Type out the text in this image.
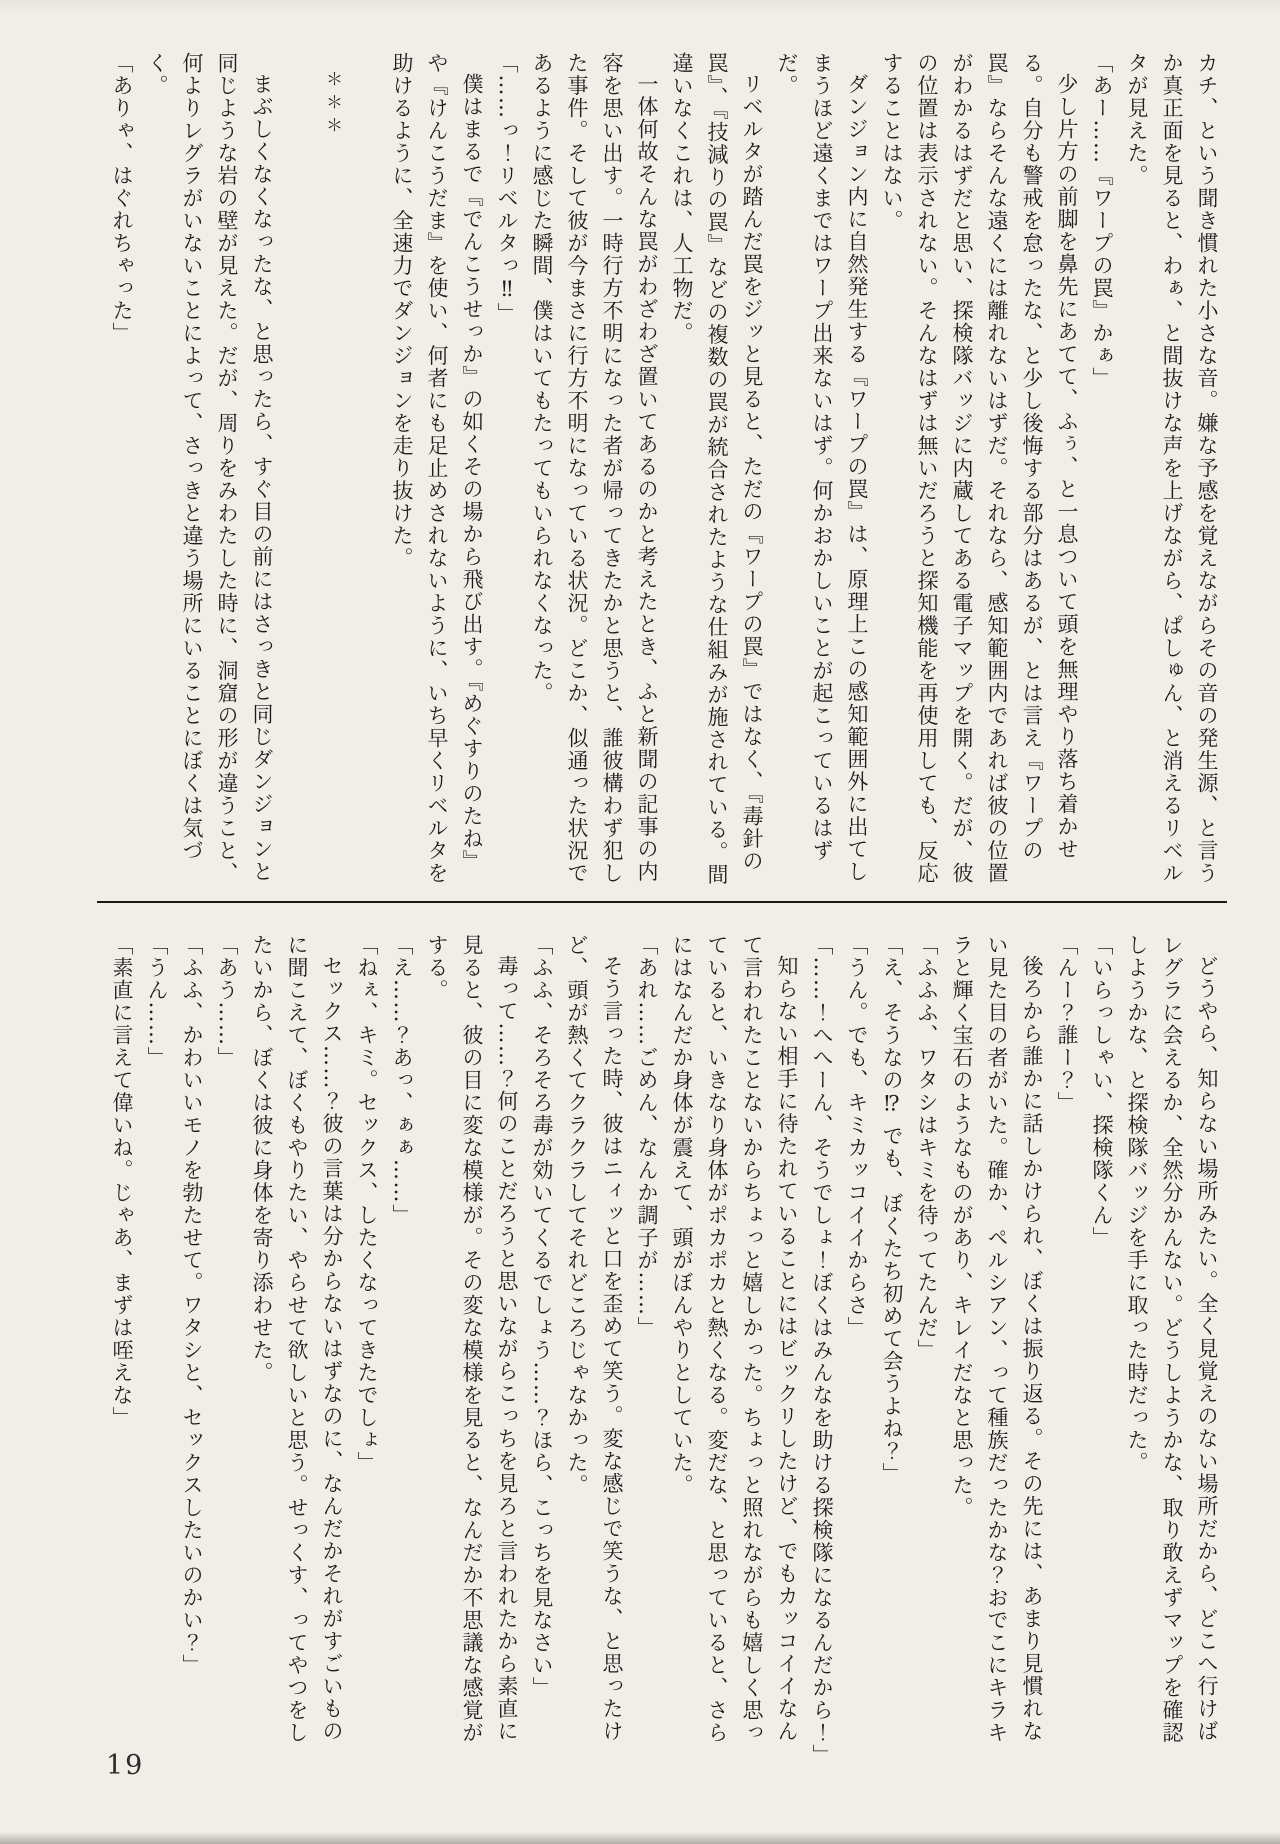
カチ、という聞き慣れた小さな音。嫌な予感を覚えながらその音の発生源、と言うか真正面を見ると、わぁ、と間抜けな声を上げながら、ぱしゅん、と消えるリベルタが見えた。

「あー……『ワープの罠』かぁ」

少し片方の前脚を鼻先にあてて、ふぅ、と一息ついて頭を無理やり落ち着かせる。自分も警戒を怠ったな、と少し後悔する部分はあるが、とは言え『ワープの罠』ならそんな遠くには離れないはずだ。それなら、感知範囲内であれば彼の位置がわかるはずだと思い、探検隊バッジに内蔵してある電子マップを開く。だが、彼の位置は表示されない。そんなはずは無いだろうと探知機能を再使用しても、反応することはない。

ダンジョン内に自然発生する『ワープの罠』は、原理上この感知範囲外に出てしまうほど遠くまではワープ出来ないはず。何かおかしいことが起こっているはずだ。

リベルタが踏んだ罠をジッと見ると、ただの『ワープの罠』ではなく、『毒針の罠』、『技減りの罠』などの複数の罠が統合されたような仕組みが施されている。間違いなくこれは、人工物だ。

一体何故そんな罠がわざわざ置いてあるのかと考えたとき、ふと新聞の記事の内容を思い出す。一時行方不明になった者が帰ってきたかと思うと、誰彼構わず犯した事件。そして彼が今まさに行方不明になっている状況。どこか、似通った状況であるように感じた瞬間、僕はいてもたってもいられなくなった。

「……っ！リベルタっ‼」

僕はまるで『でんこうせっか』の如くその場から飛び出す。『めぐすりのたね』や『けんこうだま』を使い、何者にも足止めされないように、いち早くリベルタを助けるように、全速力でダンジョンを走り抜けた。

＊＊＊

まぶしくなくなったな、と思ったら、すぐ目の前にはさっきと同じダンジョンと同じような岩の壁が見えた。だが、周りをみわたした時に、洞窟の形が違うこと、何よりレグラがいないことによって、さっきと違う場所にいることにぼくは気づく。

「ありゃ、はぐれちゃった」

どうやら、知らない場所みたい。全く見覚えのない場所だから、どこへ行けばレグラに会えるか、全然分かんない。どうしようかな、取り敢えずマップを確認しようかな、と探検隊バッジを手に取った時だった。

「いらっしゃい、探検隊くん」

「んー？誰ー？」

後ろから誰かに話しかけられ、ぼくは振り返る。その先には、あまり見慣れない見た目の者がいた。確か、ペルシアン、って種族だったかな？おでこにキラキラと輝く宝石のようなものがあり、キレイだなと思った。

「ふふふ、ワタシはキミを待ってたんだ」

「え、そうなの⁉ でも、ぼくたち初めて会うよね？」

「うん。でも、キミカッコイイからさ」

「……！へへーん、そうでしょ！ぼくはみんなを助ける探検隊になるんだから！」

知らない相手に待たれていることにはビックリしたけど、でもカッコイイなんて言われたことないからちょっと嬉しかった。ちょっと照れながらも嬉しく思っていると、いきなり身体がポカポカと熱くなる。変だな、と思っていると、さらにはなんだか身体が震えて、頭がぼんやりとしていた。

「あれ……ごめん、なんか調子が……」

そう言った時、彼はニィッと口を歪めて笑う。変な感じで笑うな、と思ったけど、頭が熱くてクラクラしてそれどころじゃなかった。

「ふふ、そろそろ毒が効いてくるでしょう……？ほら、こっちを見なさい」

毒って……？何のことだろうと思いながらこっちを見ろと言われたから素直に見ると、彼の目に変な模様が。その変な模様を見ると、なんだか不思議な感覚がする。

「え……？あっ、ぁぁ……」

「ねぇ、キミ。セックス、したくなってきたでしょ」

セックス……？彼の言葉は分からないはずなのに、なんだかそれがすごいものに聞こえて、ぼくもやりたい、やらせて欲しいと思う。せっくす、ってやつをしたいから、ぼくは彼に身体を寄り添わせた。

「あう……」

「ふふ、かわいいモノを勃たせて。ワタシと、セックスしたいのかい？」

「うん……」

「素直に言えて偉いね。じゃあ、まずは咥えな」

19
